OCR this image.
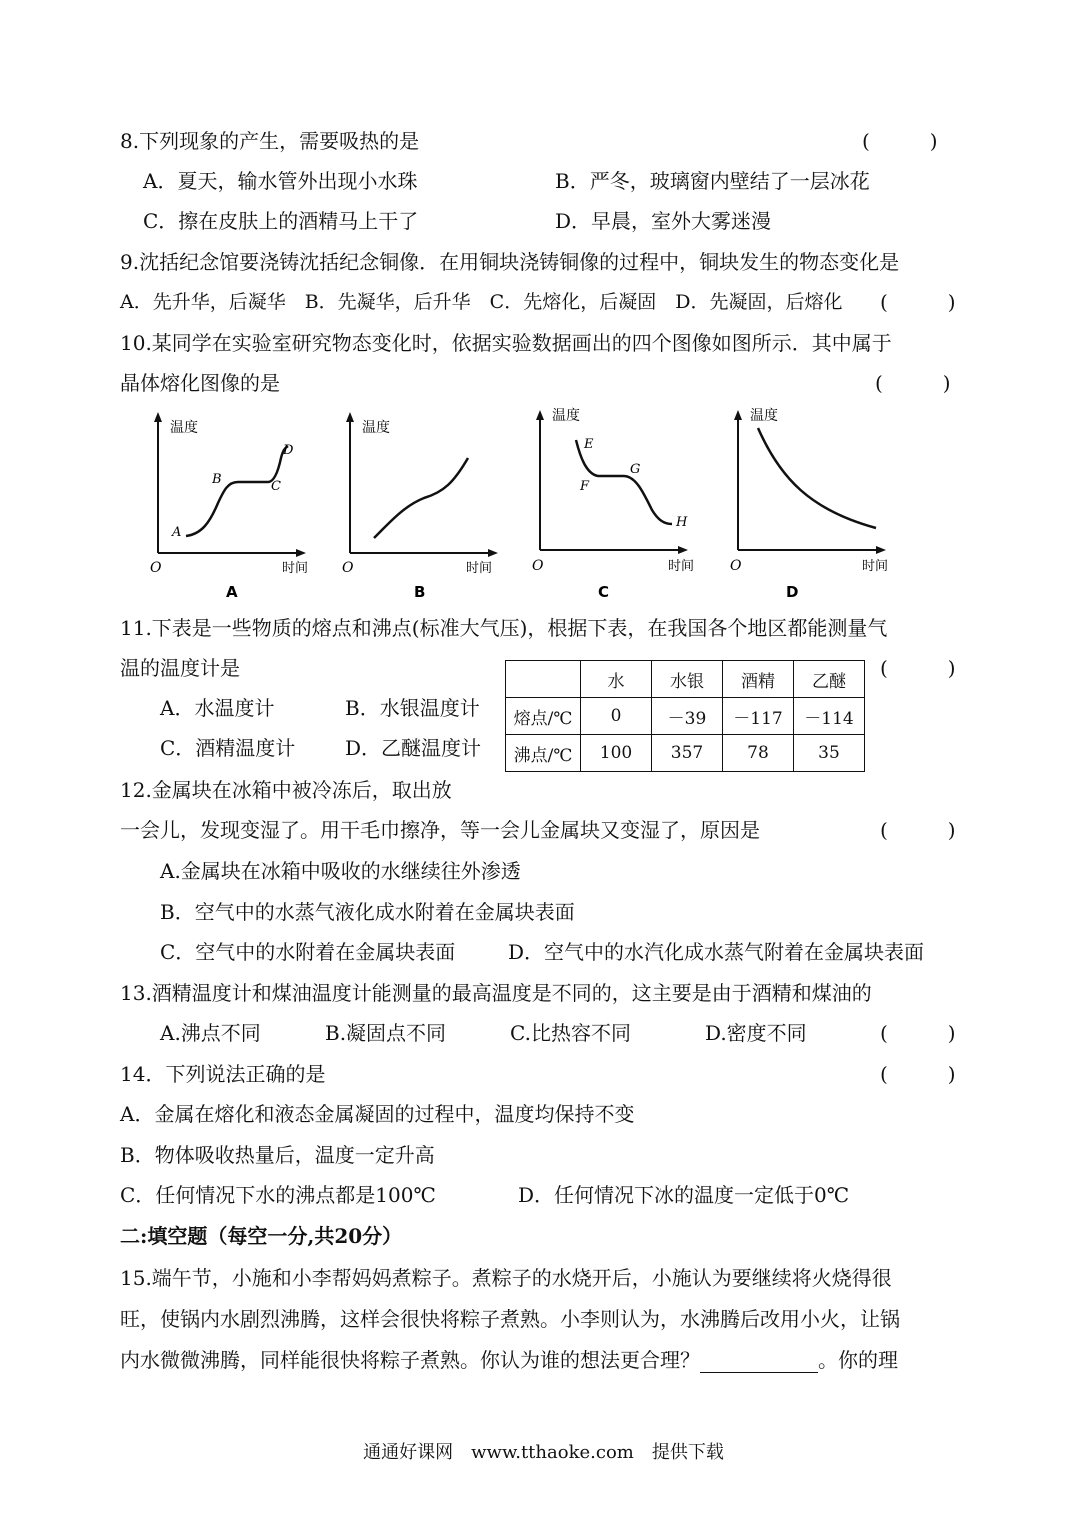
8.下列现象的产生，需要吸热的是	(　　　)
A．夏天，输水管外出现小水珠	B．严冬，玻璃窗内壁结了一层冰花
C．擦在皮肤上的酒精马上干了	D．早晨，室外大雾迷漫
9.沈括纪念馆要浇铸沈括纪念铜像．在用铜块浇铸铜像的过程中，铜块发生的物态变化是
A．先升华，后凝华　B．先凝华，后升华　C．先熔化，后凝固　D．先凝固，后熔化 (　　　)
10.某同学在实验室研究物态变化时，依据实验数据画出的四个图像如图所示．其中属于
晶体熔化图像的是	(　　　)
温度
O	时间
A
B	C
D
A
温度
O	时间
B
温度
O	时间
E
F
G
H
C
温度
O	时间
D
11.下表是一些物质的熔点和沸点(标准大气压)，根据下表，在我国各个地区都能测量气
温的温度计是	(　　　)
A．水温度计	B．水银温度计
C．酒精温度计 D．乙醚温度计
	水	水银	酒精	乙醚
熔点/℃	0	－39	－117	－114
沸点/℃	100	357	78	35
12.金属块在冰箱中被冷冻后，取出放
一会儿，发现变湿了。用干毛巾擦净，等一会儿金属块又变湿了，原因是	(　　　)
A.金属块在冰箱中吸收的水继续往外渗透
B．空气中的水蒸气液化成水附着在金属块表面
C．空气中的水附着在金属块表面	D．空气中的水汽化成水蒸气附着在金属块表面
13.酒精温度计和煤油温度计能测量的最高温度是不同的，这主要是由于酒精和煤油的
A.沸点不同	B.凝固点不同	C.比热容不同	D.密度不同	(　　　)
14．下列说法正确的是	(　　　)
A．金属在熔化和液态金属凝固的过程中，温度均保持不变
B．物体吸收热量后，温度一定升高
C．任何情况下水的沸点都是100℃	D．任何情况下冰的温度一定低于0℃
二:填空题（每空一分,共20分）
15.端午节，小施和小李帮妈妈煮粽子。煮粽子的水烧开后，小施认为要继续将火烧得很
旺，使锅内水剧烈沸腾，这样会很快将粽子煮熟。小李则认为，水沸腾后改用小火，让锅
内水微微沸腾，同样能很快将粽子煮熟。你认为谁的想法更合理？	。你的理
通通好课网　www.tthaoke.com　提供下载
